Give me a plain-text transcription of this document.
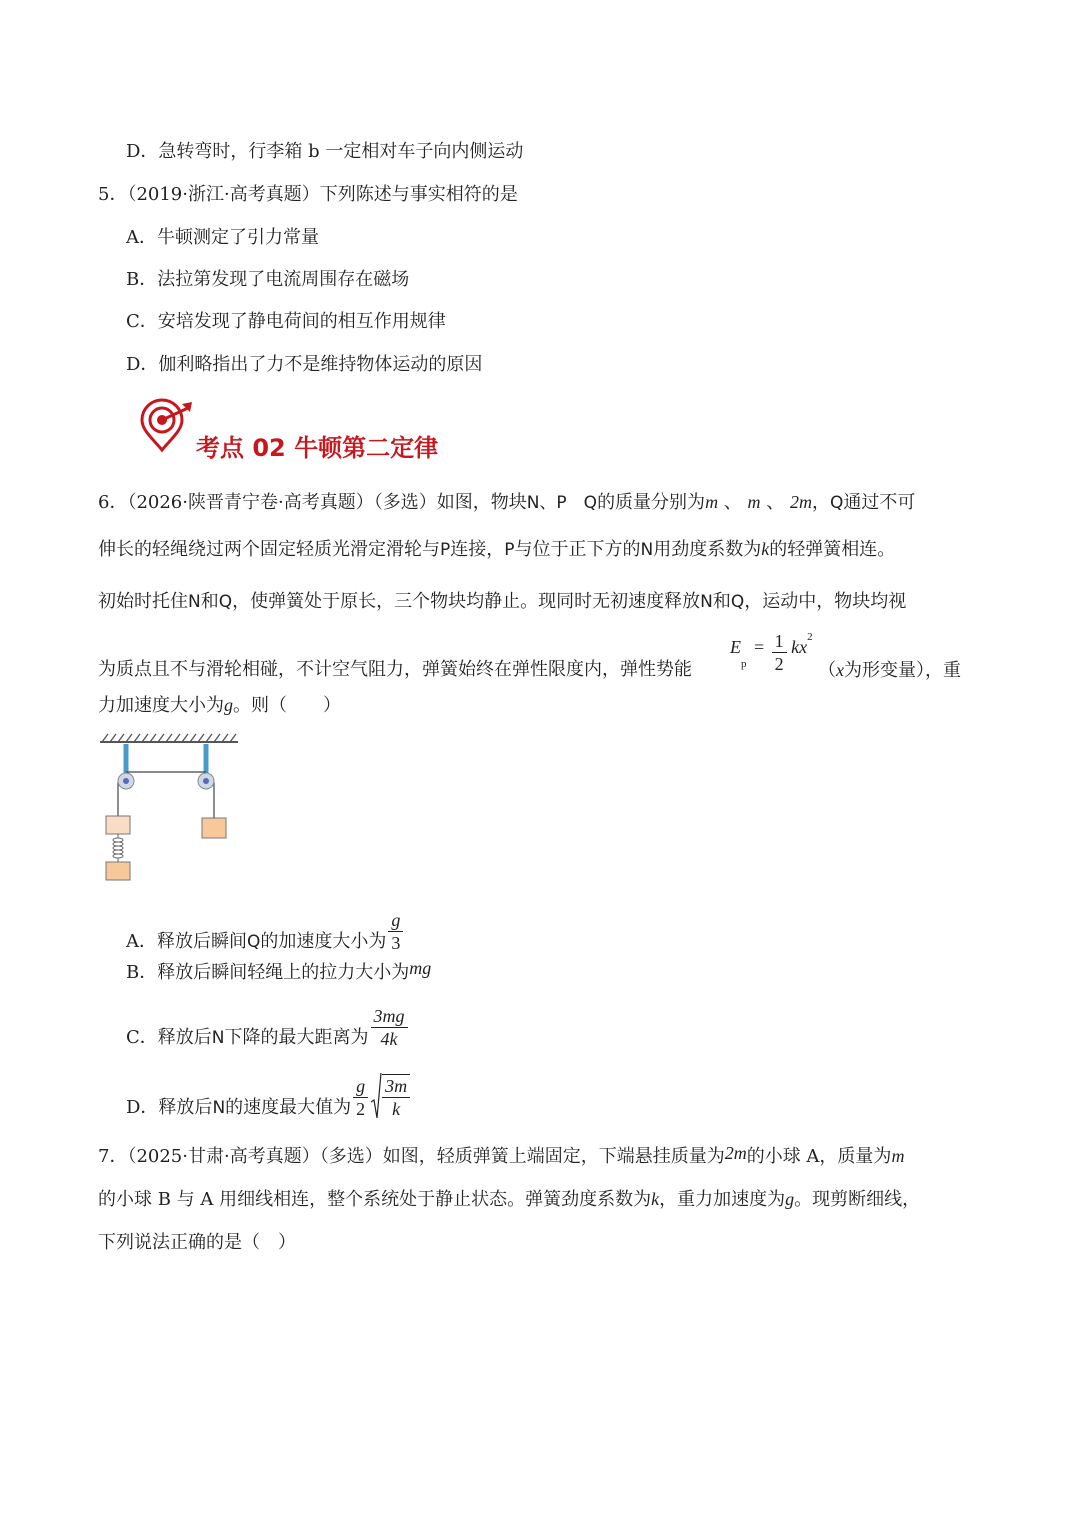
D．急转弯时，行李箱 b 一定相对车子向内侧运动
5．（2019·浙江·高考真题）下列陈述与事实相符的是
A．牛顿测定了引力常量
B．法拉第发现了电流周围存在磁场
C．安培发现了静电荷间的相互作用规律
D．伽利略指出了力不是维持物体运动的原因
考点 02 牛顿第二定律
6．（2026·陕晋青宁卷·高考真题）（多选）如图，物块N、P　Q的质量分别为m 、 m 、 2m，Q通过不可
伸长的轻绳绕过两个固定轻质光滑定滑轮与P连接，P与位于正下方的N用劲度系数为k的轻弹簧相连。
初始时托住N和Q，使弹簧处于原长，三个物块均静止。现同时无初速度释放N和Q，运动中，物块均视
为质点且不与滑轮相碰，不计空气阻力，弹簧始终在弹性限度内，弹性势能
$E_p = \frac{1}{2} kx^2$
（x为形变量），重
力加速度大小为g。则（　　）
A．释放后瞬间Q的加速度大小为 $\frac{g}{3}$
B．释放后瞬间轻绳上的拉力大小为mg
C．释放后N下降的最大距离为 $\frac{3mg}{4k}$
D．释放后N的速度最大值为 $\frac{g}{2} \frac{3m}{k}$
7．（2025·甘肃·高考真题）（多选）如图，轻质弹簧上端固定，下端悬挂质量为2m的小球 A，质量为m
的小球 B 与 A 用细线相连，整个系统处于静止状态。弹簧劲度系数为k，重力加速度为g。现剪断细线，
下列说法正确的是（　）
